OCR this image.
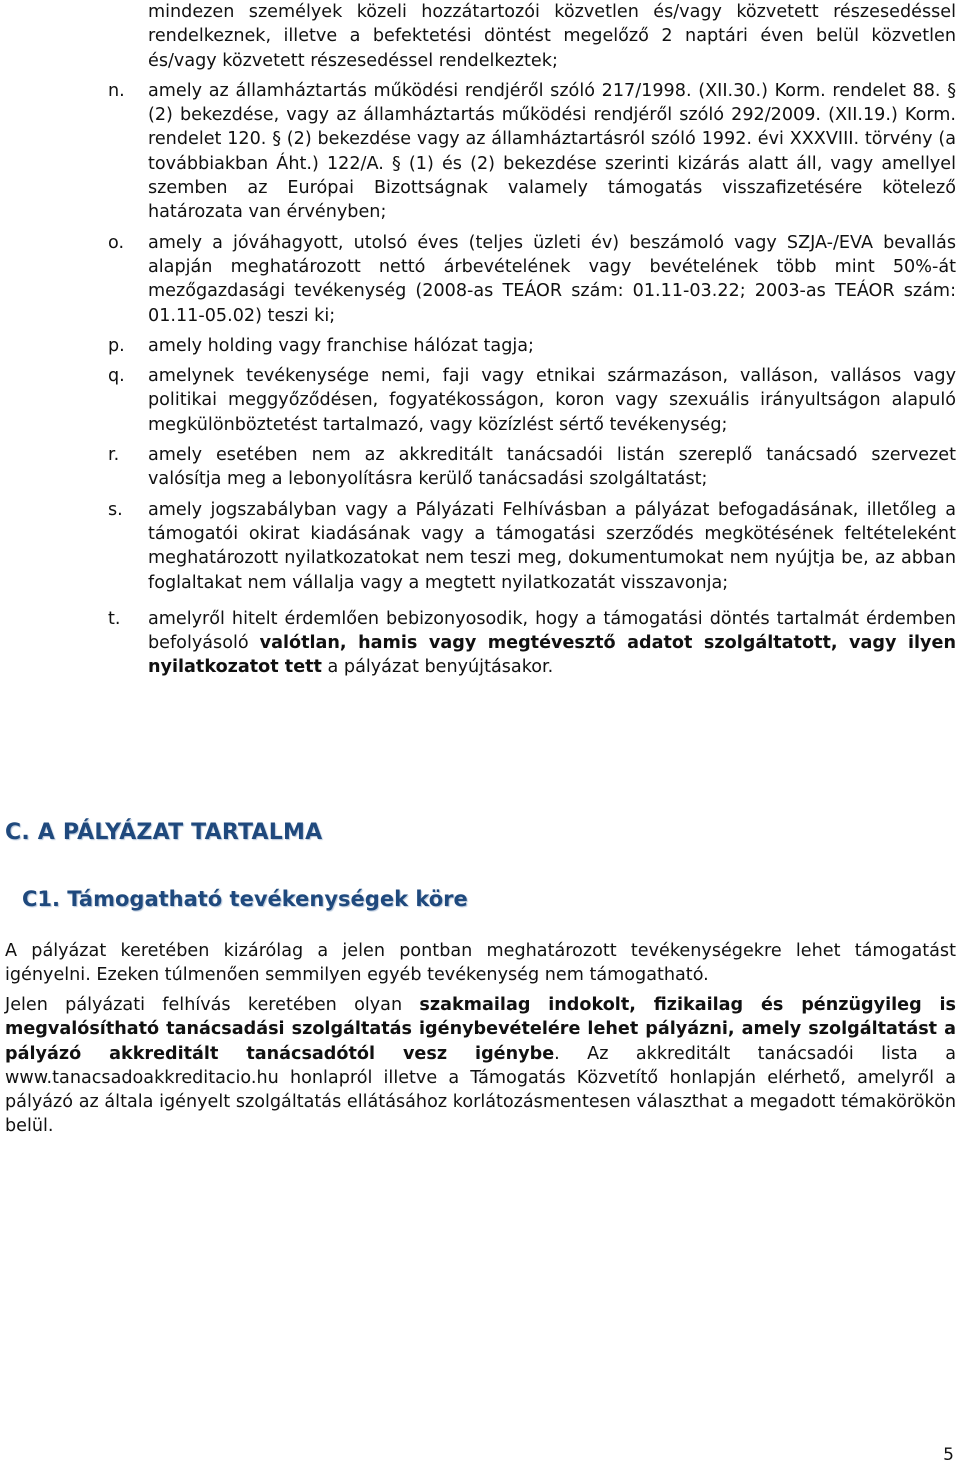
mindezen személyek közeli hozzátartozói közvetlen és/vagy közvetett részesedéssel rendelkeznek, illetve a befektetési döntést megelőző 2 naptári éven belül közvetlen és/vagy közvetett részesedéssel rendelkeztek;
n.	amely az államháztartás működési rendjéről szóló 217/1998. (XII.30.) Korm. rendelet 88. § (2) bekezdése, vagy az államháztartás működési rendjéről szóló 292/2009. (XII.19.) Korm. rendelet 120. § (2) bekezdése vagy az államháztartásról szóló 1992. évi XXXVIII. törvény (a továbbiakban Áht.) 122/A. § (1) és (2) bekezdése szerinti kizárás alatt áll, vagy amellyel szemben az Európai Bizottságnak valamely támogatás visszafizetésére kötelező határozata van érvényben;
o.	amely a jóváhagyott, utolsó éves (teljes üzleti év) beszámoló vagy SZJA-/EVA bevallás alapján meghatározott nettó árbevételének vagy bevételének több mint 50%-át mezőgazdasági tevékenység (2008-as TEÁOR szám: 01.11-03.22; 2003-as TEÁOR szám: 01.11-05.02) teszi ki;
p.	amely holding vagy franchise hálózat tagja;
q.	amelynek tevékenysége nemi, faji vagy etnikai származáson, valláson, vallásos vagy politikai meggyőződésen, fogyatékosságon, koron vagy szexuális irányultságon alapuló megkülönböztetést tartalmazó, vagy közízlést sértő tevékenység;
r.	amely esetében nem az akkreditált tanácsadói listán szereplő tanácsadó szervezet valósítja meg a lebonyolításra kerülő tanácsadási szolgáltatást;
s.	amely jogszabályban vagy a Pályázati Felhívásban a pályázat befogadásának, illetőleg a támogatói okirat kiadásának vagy a támogatási szerződés megkötésének feltételeként meghatározott nyilatkozatokat nem teszi meg, dokumentumokat nem nyújtja be, az abban foglaltakat nem vállalja vagy a megtett nyilatkozatát visszavonja;
t.	amelyről hitelt érdemlően bebizonyosodik, hogy a támogatási döntés tartalmát érdemben befolyásoló valótlan, hamis vagy megtévesztő adatot szolgáltatott, vagy ilyen nyilatkozatot tett a pályázat benyújtásakor.
C. A PÁLYÁZAT TARTALMA
C1. Támogatható tevékenységek köre
A pályázat keretében kizárólag a jelen pontban meghatározott tevékenységekre lehet támogatást igényelni. Ezeken túlmenően semmilyen egyéb tevékenység nem támogatható.
Jelen pályázati felhívás keretében olyan szakmailag indokolt, fizikailag és pénzügyileg is megvalósítható tanácsadási szolgáltatás igénybevételére lehet pályázni, amely szolgáltatást a pályázó akkreditált tanácsadótól vesz igénybe. Az akkreditált tanácsadói lista a www.tanacsadoakkreditacio.hu honlapról illetve a Támogatás Közvetítő honlapján elérhető, amelyről a pályázó az általa igényelt szolgáltatás ellátásához korlátozásmentesen választhat a megadott témakörökön belül.
5
